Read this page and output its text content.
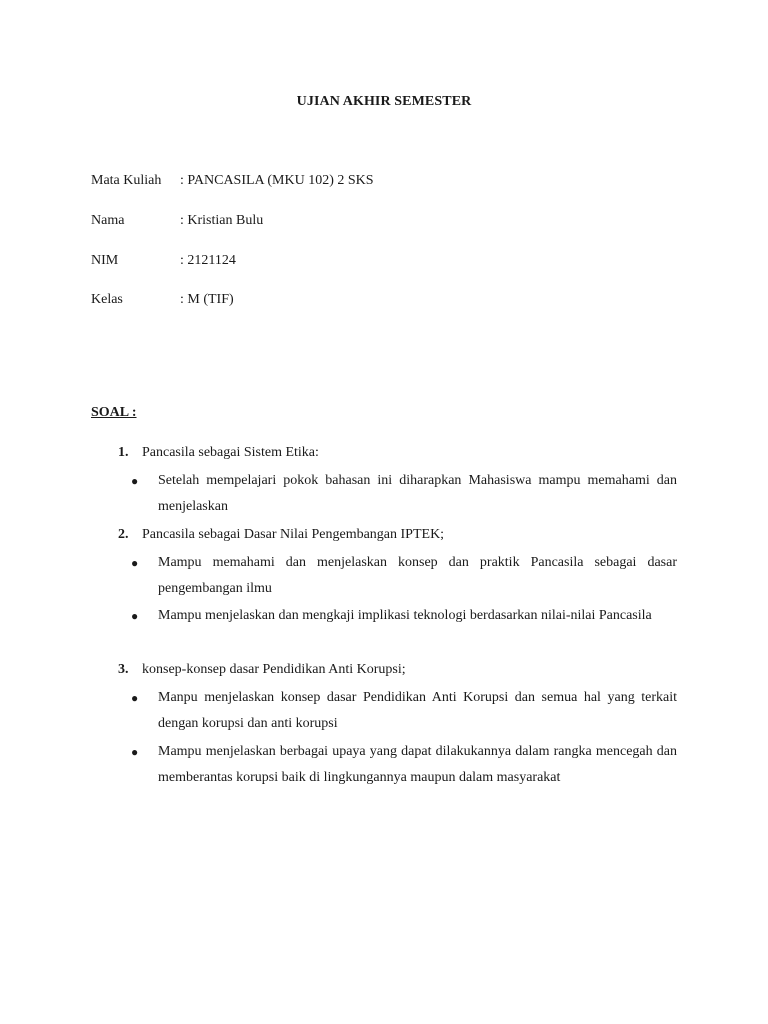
UJIAN AKHIR SEMESTER
Mata Kuliah : PANCASILA (MKU 102) 2 SKS
Nama	: Kristian Bulu
NIM	: 2121124
Kelas	: M (TIF)
SOAL :
1. Pancasila sebagai Sistem Etika:
● Setelah mempelajari pokok bahasan ini diharapkan Mahasiswa mampu memahami dan menjelaskan
2. Pancasila sebagai Dasar Nilai Pengembangan IPTEK;
● Mampu memahami dan menjelaskan konsep dan praktik Pancasila sebagai dasar pengembangan ilmu
● Mampu menjelaskan dan mengkaji implikasi teknologi berdasarkan nilai-nilai Pancasila
3. konsep-konsep dasar Pendidikan Anti Korupsi;
● Manpu menjelaskan konsep dasar Pendidikan Anti Korupsi dan semua hal yang terkait dengan korupsi dan anti korupsi
● Mampu menjelaskan berbagai upaya yang dapat dilakukannya dalam rangka mencegah dan memberantas korupsi baik di lingkungannya maupun dalam masyarakat
